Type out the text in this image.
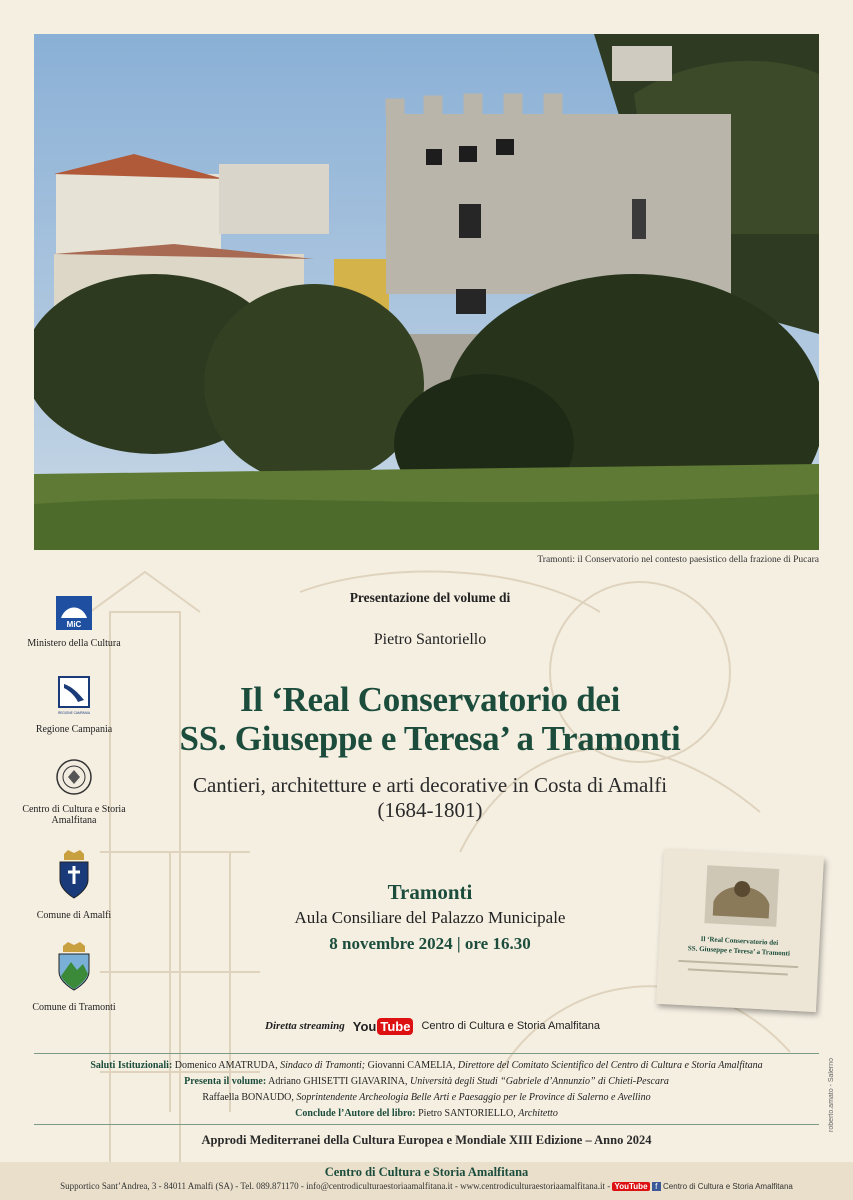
Tramonti: il Conservatorio nel contesto paesistico della frazione di Pucara
MiC
Ministero della Cultura
REGIONE CAMPANIA
Regione Campania
Centro di Cultura e Storia Amalfitana
Comune di Amalfi
Comune di Tramonti
Presentazione del volume di
Pietro Santoriello
Il ‘Real Conservatorio dei
SS. Giuseppe e Teresa’ a Tramonti
Cantieri, architetture e arti decorative in Costa di Amalfi
(1684-1801)
Tramonti
Aula Consiliare del Palazzo Municipale
8 novembre 2024 | ore 16.30	Il ‘Real Conservatorio dei
SS. Giuseppe e Teresa’ a Tramonti
Diretta streaming You Tube Centro di Cultura e Storia Amalfitana
Saluti Istituzionali: Domenico AMATRUDA, Sindaco di Tramonti; Giovanni CAMELIA, Direttore del Comitato Scientifico del Centro di Cultura e Storia Amalfitana
Presenta il volume: Adriano GHISETTI GIAVARINA, Università degli Studi “Gabriele d’Annunzio” di Chieti-Pescara
Raffaella BONAUDO, Soprintendente Archeologia Belle Arti e Paesaggio per le Province di Salerno e Avellino
Conclude l’Autore del libro: Pietro SANTORIELLO, Architetto
Approdi Mediterranei della Cultura Europea e Mondiale XIII Edizione – Anno 2024
Centro di Cultura e Storia Amalfitana
Supportico Sant’Andrea, 3 - 84011 Amalfi (SA) - Tel. 089.871170 - info@centrodiculturaestoriaamalfitana.it - www.centrodiculturaestoriaamalfitana.it - YouTube f Centro di Cultura e Storia Amalfitana
roberto.amato - Salerno
